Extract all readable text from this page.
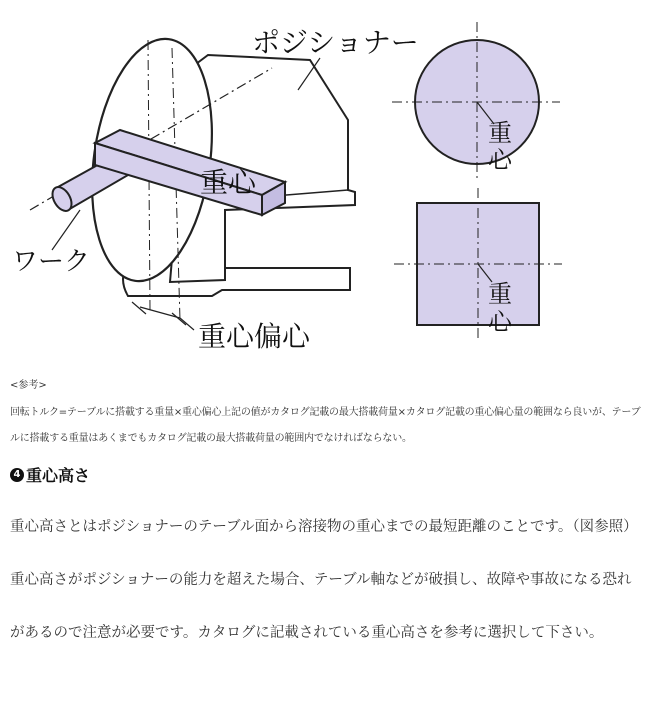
ポジショナー
重心
ワーク
重心偏心
重
心
重
心

<参考>

回転トルク=テーブルに搭載する重量×重心偏心上記の値がカタログ記載の最大搭載荷量×カタログ記載の重心偏心量の範囲なら良いが、テーブルに搭載する重量はあくまでもカタログ記載の最大搭載荷量の範囲内でなければならない。

4 重心高さ

重心高さとはポジショナーのテーブル面から溶接物の重心までの最短距離のことです。（図参照） 重心高さがポジショナーの能力を超えた場合、テーブル軸などが破損し、故障や事故になる恐れがあるので注意が必要です。カタログに記載されている重心高さを参考に選択して下さい。
